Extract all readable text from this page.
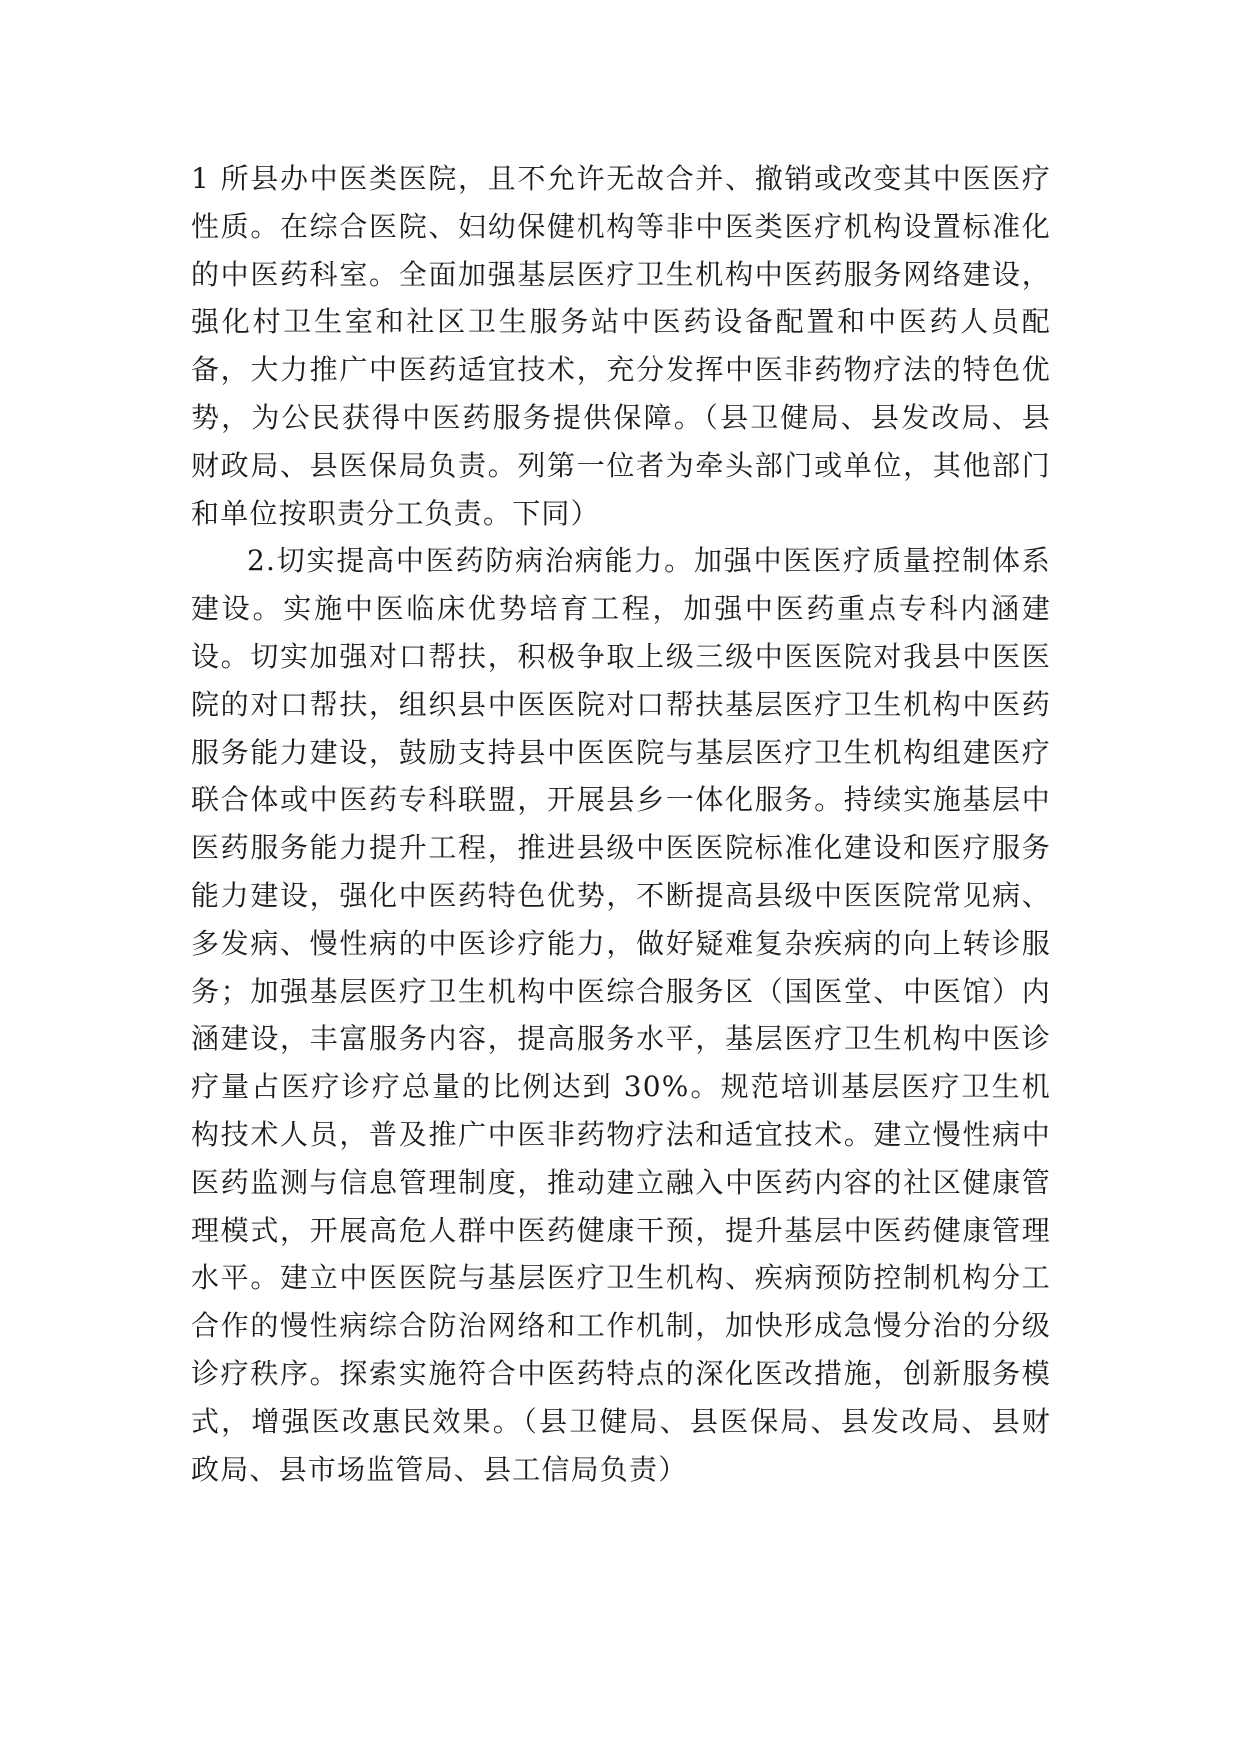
1 所县办中医类医院，且不允许无故合并、撤销或改变其中医医疗性质。在综合医院、妇幼保健机构等非中医类医疗机构设置标准化的中医药科室。全面加强基层医疗卫生机构中医药服务网络建设，强化村卫生室和社区卫生服务站中医药设备配置和中医药人员配备，大力推广中医药适宜技术，充分发挥中医非药物疗法的特色优势，为公民获得中医药服务提供保障。（县卫健局、县发改局、县财政局、县医保局负责。列第一位者为牵头部门或单位，其他部门和单位按职责分工负责。下同）

2.切实提高中医药防病治病能力。加强中医医疗质量控制体系建设。实施中医临床优势培育工程，加强中医药重点专科内涵建设。切实加强对口帮扶，积极争取上级三级中医医院对我县中医医院的对口帮扶，组织县中医医院对口帮扶基层医疗卫生机构中医药服务能力建设，鼓励支持县中医医院与基层医疗卫生机构组建医疗联合体或中医药专科联盟，开展县乡一体化服务。持续实施基层中医药服务能力提升工程，推进县级中医医院标准化建设和医疗服务能力建设，强化中医药特色优势，不断提高县级中医医院常见病、多发病、慢性病的中医诊疗能力，做好疑难复杂疾病的向上转诊服务；加强基层医疗卫生机构中医综合服务区（国医堂、中医馆）内涵建设，丰富服务内容，提高服务水平，基层医疗卫生机构中医诊疗量占医疗诊疗总量的比例达到 30%。规范培训基层医疗卫生机构技术人员，普及推广中医非药物疗法和适宜技术。建立慢性病中医药监测与信息管理制度，推动建立融入中医药内容的社区健康管理模式，开展高危人群中医药健康干预，提升基层中医药健康管理水平。建立中医医院与基层医疗卫生机构、疾病预防控制机构分工合作的慢性病综合防治网络和工作机制，加快形成急慢分治的分级诊疗秩序。探索实施符合中医药特点的深化医改措施，创新服务模式，增强医改惠民效果。（县卫健局、县医保局、县发改局、县财政局、县市场监管局、县工信局负责）
